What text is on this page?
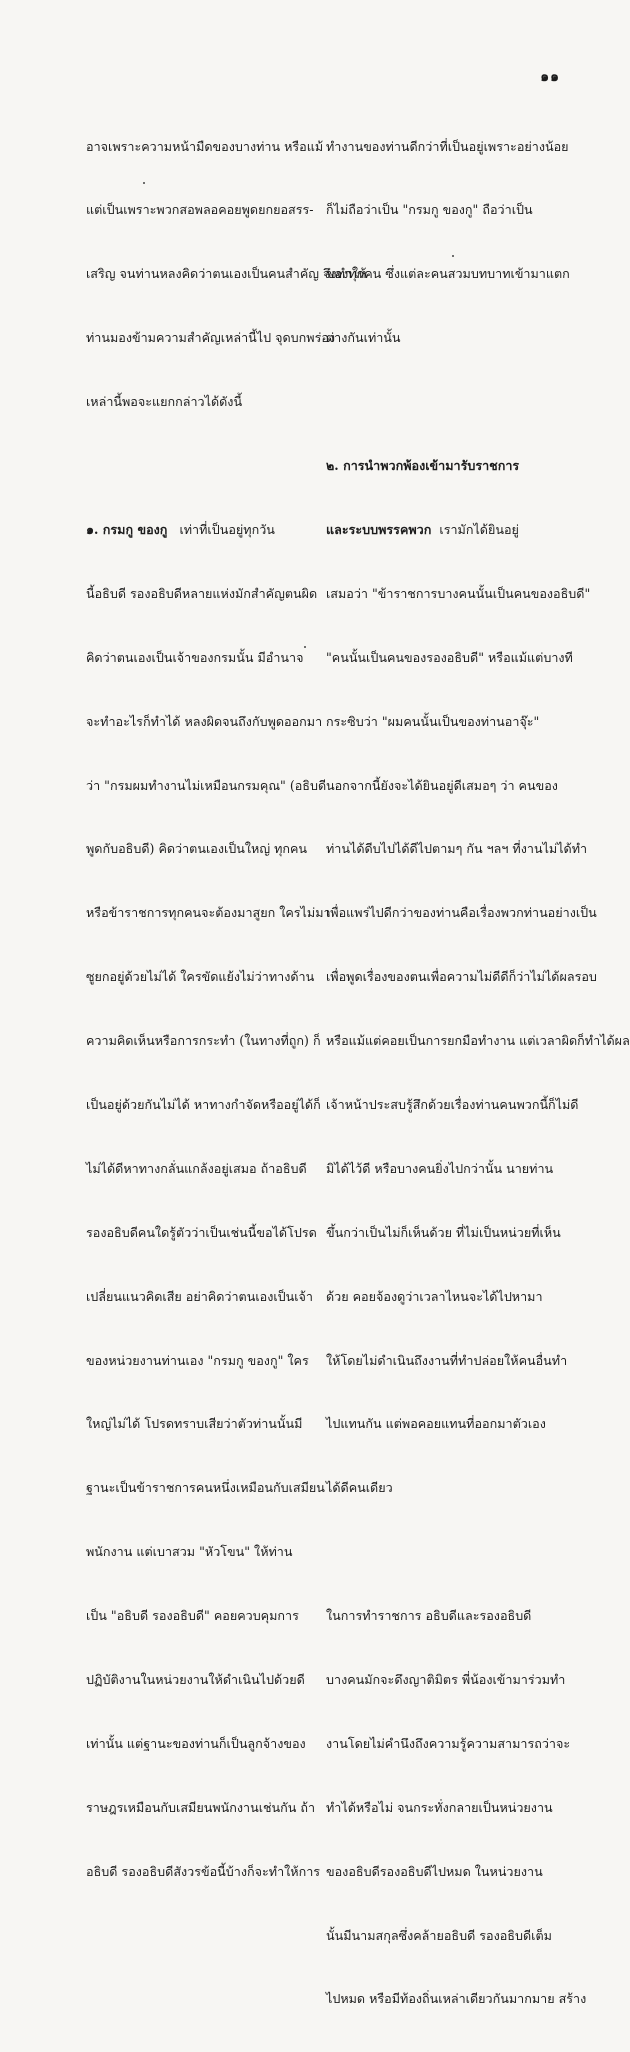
๑๑

อาจเพราะความหน้ามืดของบางท่าน หรือแม้

แต่เป็นเพราะพวกสอพลอคอยพูดยกยอสรร-

เสริญ จนท่านหลงคิดว่าตนเองเป็นคนสำคัญ จึงทำให้

ท่านมองข้ามความสำคัญเหล่านี้ไป จุดบกพร่อง

เหล่านี้พอจะแยกกล่าวได้ดังนี้

๑. กรมกู ของกู เท่าที่เป็นอยู่ทุกวัน

นี้อธิบดี รองอธิบดีหลายแห่งมักสำคัญตนผิด

คิดว่าตนเองเป็นเจ้าของกรมนั้น มีอำนาจ

จะทำอะไรก็ทำได้ หลงผิดจนถึงกับพูดออกมา

ว่า "กรมผมทำงานไม่เหมือนกรมคุณ" (อธิบดี

พูดกับอธิบดี) คิดว่าตนเองเป็นใหญ่ ทุกคน

หรือข้าราชการทุกคนจะต้องมาสูยก ใครไม่มา

ซูยกอยู่ด้วยไม่ได้ ใครขัดแย้งไม่ว่าทางด้าน

ความคิดเห็นหรือการกระทำ (ในทางที่ถูก) ก็

เป็นอยู่ด้วยกันไม่ได้ หาทางกำจัดหรืออยู่ได้ก็

ไม่ได้ดีหาทางกลั่นแกล้งอยู่เสมอ ถ้าอธิบดี

รองอธิบดีคนใดรู้ตัวว่าเป็นเช่นนี้ขอได้โปรด

เปลี่ยนแนวคิดเสีย อย่าคิดว่าตนเองเป็นเจ้า

ของหน่วยงานท่านเอง "กรมกู ของกู" ใคร

ใหญ่ไม่ได้ โปรดทราบเสียว่าตัวท่านนั้นมี

ฐานะเป็นข้าราชการคนหนึ่งเหมือนกับเสมียน

พนักงาน แต่เบาสวม "หัวโขน" ให้ท่าน

เป็น "อธิบดี รองอธิบดี" คอยควบคุมการ

ปฏิบัติงานในหน่วยงานให้ดำเนินไปด้วยดี

เท่านั้น แต่ฐานะของท่านก็เป็นลูกจ้างของ

ราษฎรเหมือนกับเสมียนพนักงานเช่นกัน ถ้า

อธิบดี รองอธิบดีสังวรข้อนี้บ้างก็จะทำให้การ

ทำงานของท่านดีกว่าที่เป็นอยู่เพราะอย่างน้อย

ก็ไม่ถือว่าเป็น "กรมกู ของกู" ถือว่าเป็น

ของทุกคน ซึ่งแต่ละคนสวมบทบาทเข้ามาแตก

ต่างกันเท่านั้น

๒. การนำพวกพ้องเข้ามารับราชการ

และระบบพรรคพวก เรามักได้ยินอยู่

เสมอว่า "ข้าราชการบางคนนั้นเป็นคนของอธิบดี"

"คนนั้นเป็นคนของรองอธิบดี" หรือแม้แต่บางที

กระซิบว่า "ผมคนนั้นเป็นของท่านอาจุ๊ะ"

นอกจากนี้ยังจะได้ยินอยู่ดีเสมอๆ ว่า คนของ

ท่านได้ดีบไปได้ดีไปตามๆ กัน ฯลฯ ที่งานไม่ได้ทำ

เพื่อแพร่ไปดีกว่าของท่านคือเรื่องพวกท่านอย่างเป็น

เพื่อพูดเรื่องของตนเพื่อความไม่ดีดีก็ว่าไม่ได้ผลรอบ

หรือแม้แต่คอยเป็นการยกมือทำงาน แต่เวลาผิดก็ทำได้ผล

เจ้าหน้าประสบรู้สึกด้วยเรื่องท่านคนพวกนี้ก็ไม่ดี

มิได้ไว้ดี หรือบางคนยิ่งไปกว่านั้น นายท่าน

ขึ้นกว่าเป็นไม่ก็เห็นด้วย ที่ไม่เป็นหน่วยที่เห็น

ด้วย คอยจ้องดูว่าเวลาไหนจะได้ไปหามา

ให้โดยไม่ดำเนินถึงงานที่ทำปล่อยให้คนอื่นทำ

ไปแทนกัน แต่พอคอยแทนที่ออกมาตัวเอง

ได้ดีคนเดียว

ในการทำราชการ อธิบดีและรองอธิบดี

บางคนมักจะดึงญาติมิตร พี่น้องเข้ามาร่วมทำ

งานโดยไม่คำนึงถึงความรู้ความสามารถว่าจะ

ทำได้หรือไม่ จนกระทั่งกลายเป็นหน่วยงาน

ของอธิบดีรองอธิบดีไปหมด ในหน่วยงาน

นั้นมีนามสกุลซึ่งคล้ายอธิบดี รองอธิบดีเต็ม

ไปหมด หรือมีท้องถิ่นเหล่าเดียวกันมากมาย สร้าง
